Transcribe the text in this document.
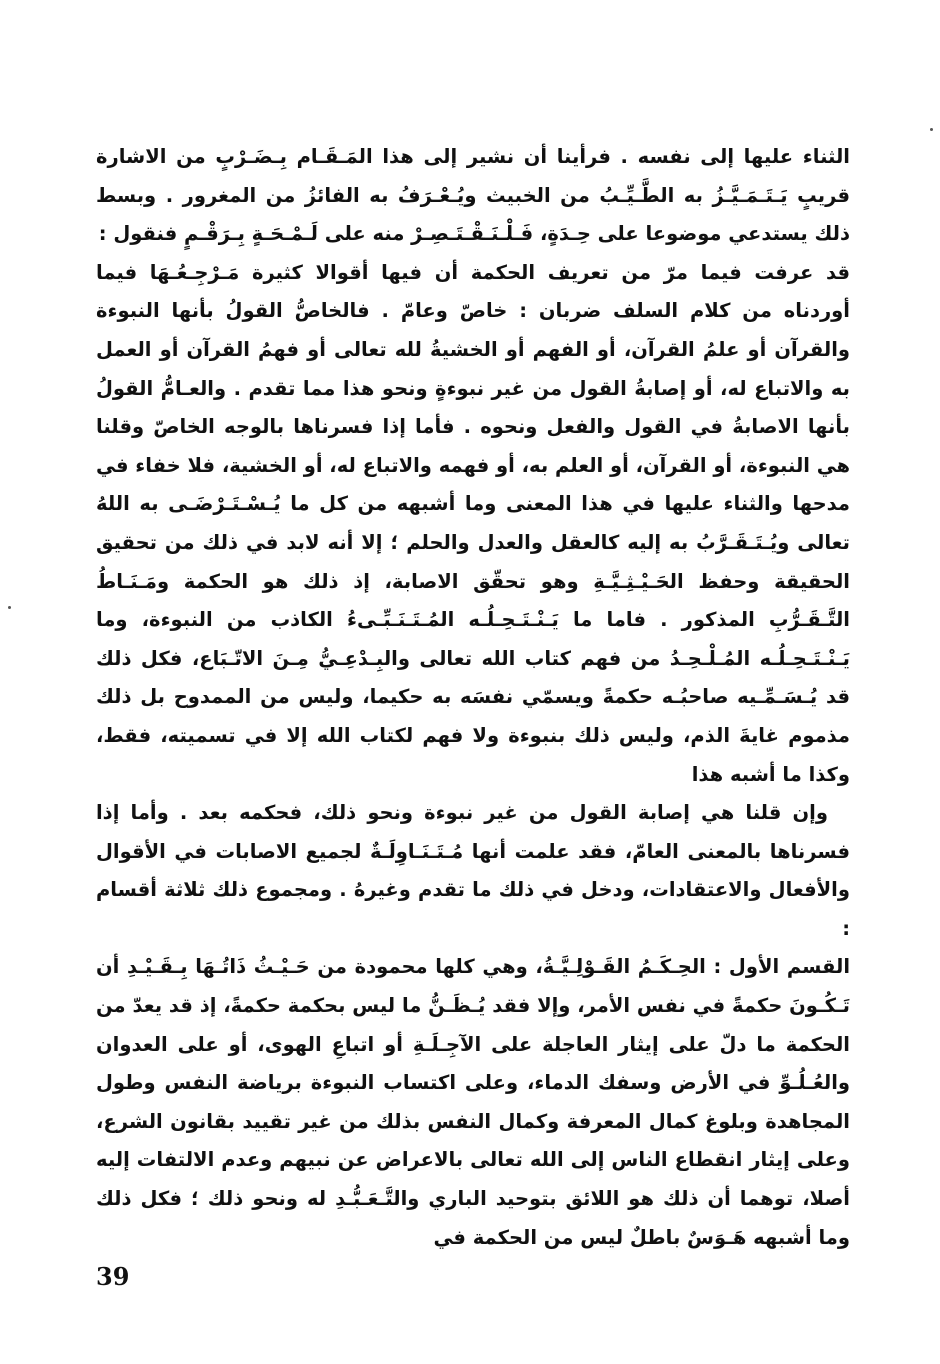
الثناء عليها إلى نفسه . فرأينا أن نشير إلى هذا المَـقَـام بِـضَـرْبٍ من الاشارة قريبٍ يَـتَـمَـيَّـزُ به الطَّـيِّـبُ من الخبيث ويُـعْـرَفُ به الفائزُ من المغرور . وبسط ذلك يستدعي موضوعا على حِـدَةٍ، فَـلْـنَـقْـتَـصِـرْ منه على لَـمْـحَـةٍ بِـرَقْـمٍ فنقول :

قد عرفت فيما مرّ من تعريف الحكمة أن فيها أقوالا كثيرة مَـرْجِـعُـهَا فيما أوردناه من كلام السلف ضربان : خاصّ وعامّ . فالخاصُّ القولُ بأنها النبوءة والقرآن أو علمُ القرآن، أو الفهم أو الخشيةُ لله تعالى أو فهمُ القرآن أو العمل به والاتباع له، أو إصابةُ القول من غير نبوءةٍ ونحو هذا مما تقدم . والعـامُّ القولُ بأنها الاصابةُ في القول والفعل ونحوه . فأما إذا فسرناها بالوجه الخاصّ وقلنا هي النبوءة، أو القرآن، أو العلم به، أو فهمه والاتباع له، أو الخشية، فلا خفاء في مدحها والثناء عليها في هذا المعنى وما أشبهه من كل ما يُـسْـتَـرْضَـى به اللهُ تعالى ويُـتَـقَـرَّبُ به إليه كالعقل والعدل والحلم ؛ إلا أنه لابد في ذلك من تحقيق الحقيقة وحفظ الحَـيْـثِـيَّـةِ وهو تحقّق الاصابة، إذ ذلك هو الحكمة ومَـنَـاطُ التَّـقَـرُّبِ المذكور . فاما ما يَـنْـتَـحِـلُـه المُـتَـنَـبِّـىءُ الكاذب من النبوءة، وما يَـنْـتَـحِـلُـه المُـلْـحِـدُ من فهم كتاب الله تعالى والبِـدْعِـيُّ مِـنَ الاتّـبَاع، فكل ذلك قد يُـسَـمِّـيه صاحبُـه حكمةً ويسمّي نفسَه به حكيما، وليس من الممدوح بل ذلك مذموم غايةَ الذم، وليس ذلك بنبوءة ولا فهم لكتاب الله إلا في تسميته، فقط، وكذا ما أشبه هذا

وإن قلنا هي إصابة القول من غير نبوءة ونحو ذلك، فحكمه بعد . وأما إذا فسرناها بالمعنى العامّ، فقد علمت أنها مُـتَـنَـاوِلَـةٌ لجميع الاصابات في الأقوال والأفعال والاعتقادات، ودخل في ذلك ما تقدم وغيرهُ . ومجموع ذلك ثلاثة أقسام :

القسم الأول : الحِـكَـمُ القَـوْلِـيَّـةُ، وهي كلها محمودة من حَـيْـثُ ذَاتُـهَا بِـقَـيْـدِ أن تَـكُـونَ حكمةً في نفس الأمر، وإلا فقد يُـظَـنُّ ما ليس بحكمة حكمةً، إذ قد يعدّ من الحكمة ما دلّ على إيثار العاجلة على الآجِـلَـةِ أو اتباعِ الهوى، أو على العدوان والعُـلُـوِّ في الأرض وسفك الدماء، وعلى اكتساب النبوءة برياضة النفس وطول المجاهدة وبلوغ كمال المعرفة وكمال النفس بذلك من غير تقييد بقانون الشرع، وعلى إيثار انقطاع الناس إلى الله تعالى بالاعراض عن نبيهم وعدم الالتفات إليه أصلا، توهما أن ذلك هو اللائق بتوحيد الباري والتَّـعَـبُّـدِ له ونحو ذلك ؛ فكل ذلك وما أشبهه هَـوَسٌ باطلٌ ليس من الحكمة في

39
